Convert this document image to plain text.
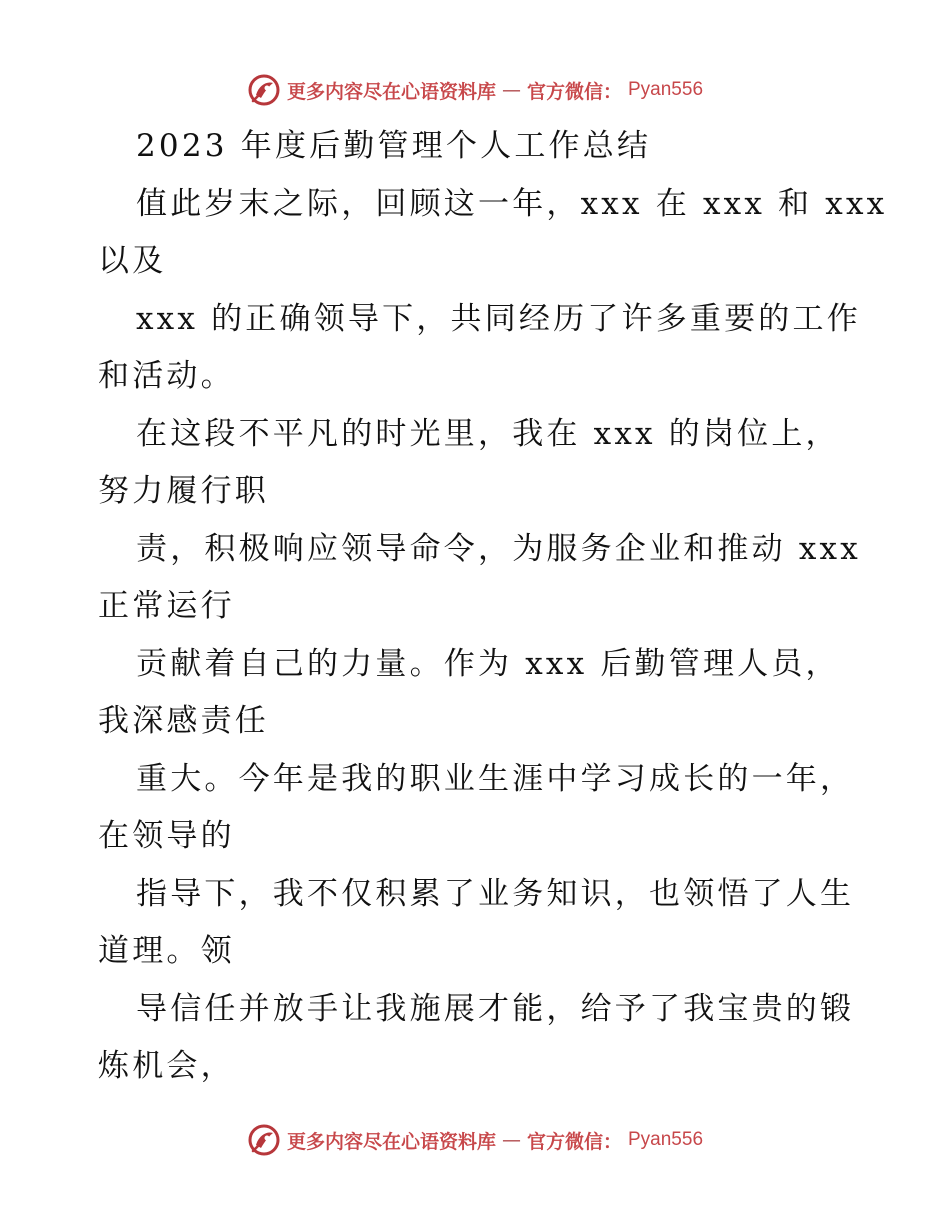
更多内容尽在心语资料库 — 官方微信： Pyan556
2023 年度后勤管理个人工作总结
值此岁末之际，回顾这一年，xxx 在 xxx 和 xxx
以及
xxx 的正确领导下，共同经历了许多重要的工作
和活动。
在这段不平凡的时光里，我在 xxx 的岗位上，
努力履行职
责，积极响应领导命令，为服务企业和推动 xxx
正常运行
贡献着自己的力量。作为 xxx 后勤管理人员，
我深感责任
重大。今年是我的职业生涯中学习成长的一年，
在领导的
指导下，我不仅积累了业务知识，也领悟了人生
道理。领
导信任并放手让我施展才能，给予了我宝贵的锻
炼机会，
更多内容尽在心语资料库 — 官方微信： Pyan556
